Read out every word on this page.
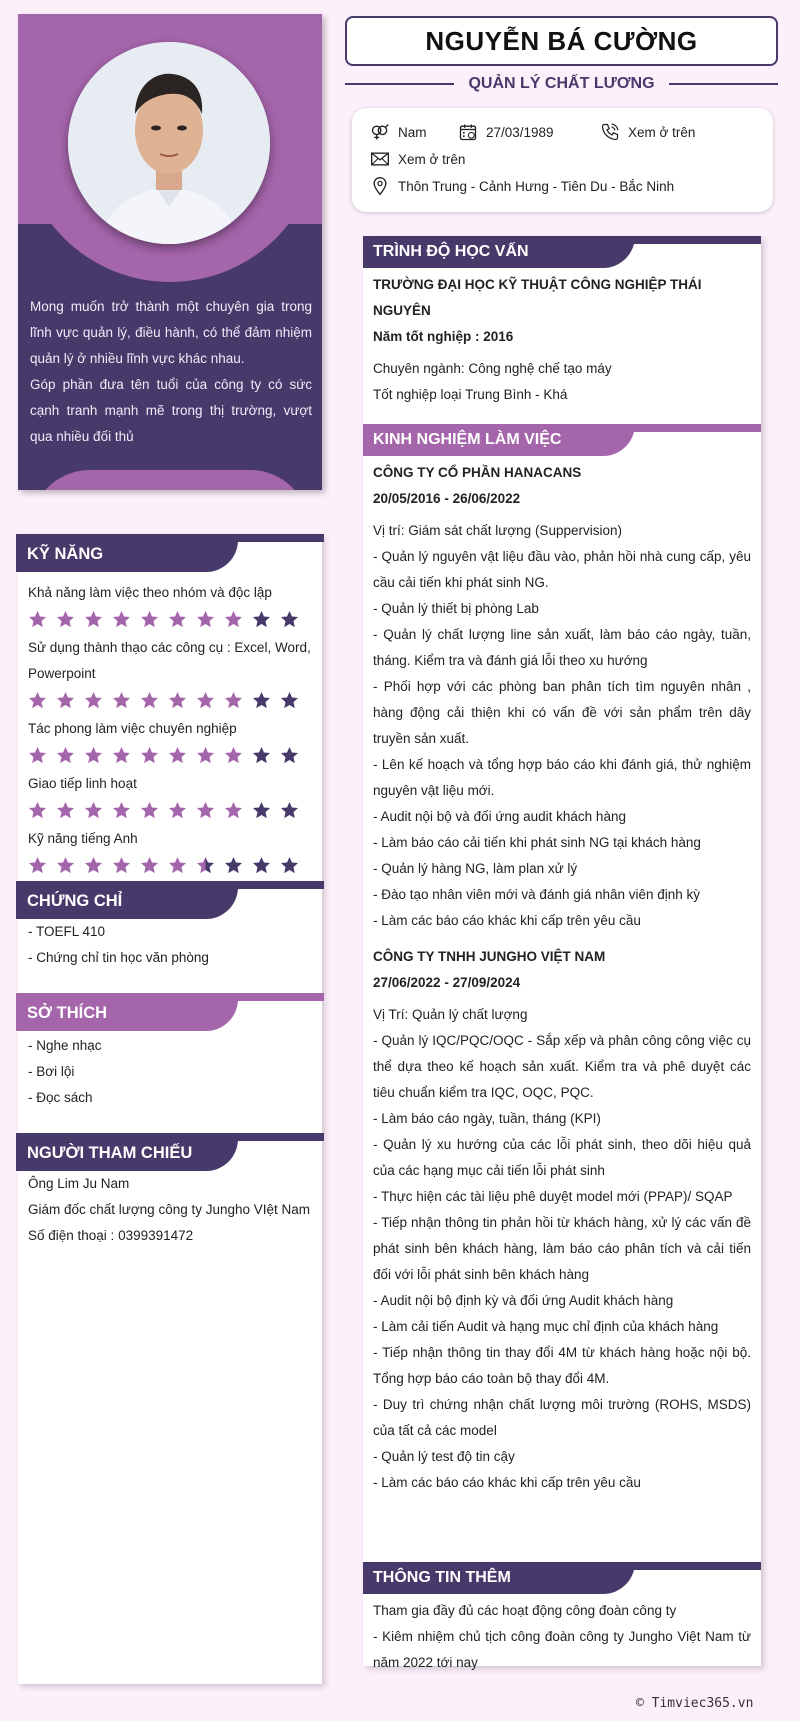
Mong muốn trở thành một chuyên gia trong lĩnh vực quản lý, điều hành, có thể đảm nhiệm quản lý ở nhiều lĩnh vực khác nhau.

Góp phần đưa tên tuổi của công ty có sức cạnh tranh mạnh mẽ trong thị trường, vượt qua nhiều đối thủ

KỸ NĂNG
Khả năng làm việc theo nhóm và độc lập
Sử dụng thành thạo các công cụ : Excel, Word, Powerpoint
Tác phong làm việc chuyên nghiệp
Giao tiếp linh hoạt
Kỹ năng tiếng Anh
CHỨNG CHỈ
- TOEFL 410
- Chứng chỉ tin học văn phòng
SỞ THÍCH
- Nghe nhạc
- Bơi lội
- Đọc sách
NGƯỜI THAM CHIẾU
Ông Lim Ju Nam
Giám đốc chất lượng công ty Jungho VIệt Nam
Số điện thoại : 0399391472
NGUYỄN BÁ CƯỜNG
QUẢN LÝ CHẤT LƯƠNG
Nam	27/03/1989	Xem ở trên
Xem ở trên
Thôn Trung - Cảnh Hưng - Tiên Du - Bắc Ninh
TRÌNH ĐỘ HỌC VẤN
TRƯỜNG ĐẠI HỌC KỸ THUẬT CÔNG NGHIỆP THÁI NGUYÊN
Năm tốt nghiệp : 2016
Chuyên ngành: Công nghệ chế tạo máy
Tốt nghiệp loại Trung Bình - Khá
KINH NGHIỆM LÀM VIỆC
CÔNG TY CỔ PHẦN HANACANS
20/05/2016 - 26/06/2022
Vị trí: Giám sát chất lượng (Suppervision)
- Quản lý nguyên vật liệu đầu vào, phản hồi nhà cung cấp, yêu cầu cải tiến khi phát sinh NG.
- Quản lý thiết bị phòng Lab
- Quản lý chất lượng line sản xuất, làm báo cáo ngày, tuần, tháng. Kiểm tra và đánh giá lỗi theo xu hướng
- Phối hợp với các phòng ban phân tích tìm nguyên nhân , hàng động cải thiện khi có vấn đề với sản phẩm trên dây truyền sản xuất.
- Lên kế hoạch và tổng hợp báo cáo khi đánh giá, thử nghiệm nguyên vật liệu mới.
- Audit nội bộ và đối ứng audit khách hàng
- Làm báo cáo cải tiến khi phát sinh NG tại khách hàng
- Quản lý hàng NG, làm plan xử lý
- Đào tạo nhân viên mới và đánh giá nhân viên định kỳ
- Làm các báo cáo khác khi cấp trên yêu cầu
CÔNG TY TNHH JUNGHO VIỆT NAM
27/06/2022 - 27/09/2024
Vị Trí: Quản lý chất lượng
- Quản lý IQC/PQC/OQC - Sắp xếp và phân công công việc cụ thể dựa theo kế hoạch sản xuất. Kiểm tra và phê duyệt các tiêu chuẩn kiểm tra IQC, OQC, PQC.
- Làm báo cáo ngày, tuần, tháng (KPI)
- Quản lý xu hướng của các lỗi phát sinh, theo dõi hiệu quả của các hạng mục cải tiến lỗi phát sinh
- Thực hiện các tài liệu phê duyệt model mới (PPAP)/ SQAP
- Tiếp nhận thông tin phản hồi từ khách hàng, xử lý các vấn đề phát sinh bên khách hàng, làm báo cáo phân tích và cải tiến đối với lỗi phát sinh bên khách hàng
- Audit nội bộ định kỳ và đối ứng Audit khách hàng
- Làm cải tiến Audit và hạng mục chỉ định của khách hàng
- Tiếp nhận thông tin thay đổi 4M từ khách hàng hoặc nội bộ. Tổng hợp báo cáo toàn bộ thay đổi 4M.
- Duy trì chứng nhận chất lượng môi trường (ROHS, MSDS) của tất cả các model
- Quản lý test độ tin cậy
- Làm các báo cáo khác khi cấp trên yêu cầu
THÔNG TIN THÊM
Tham gia đầy đủ các hoạt động công đoàn công ty
- Kiêm nhiệm chủ tịch công đoàn công ty Jungho Việt Nam từ năm 2022 tới nay
© Timviec365.vn
